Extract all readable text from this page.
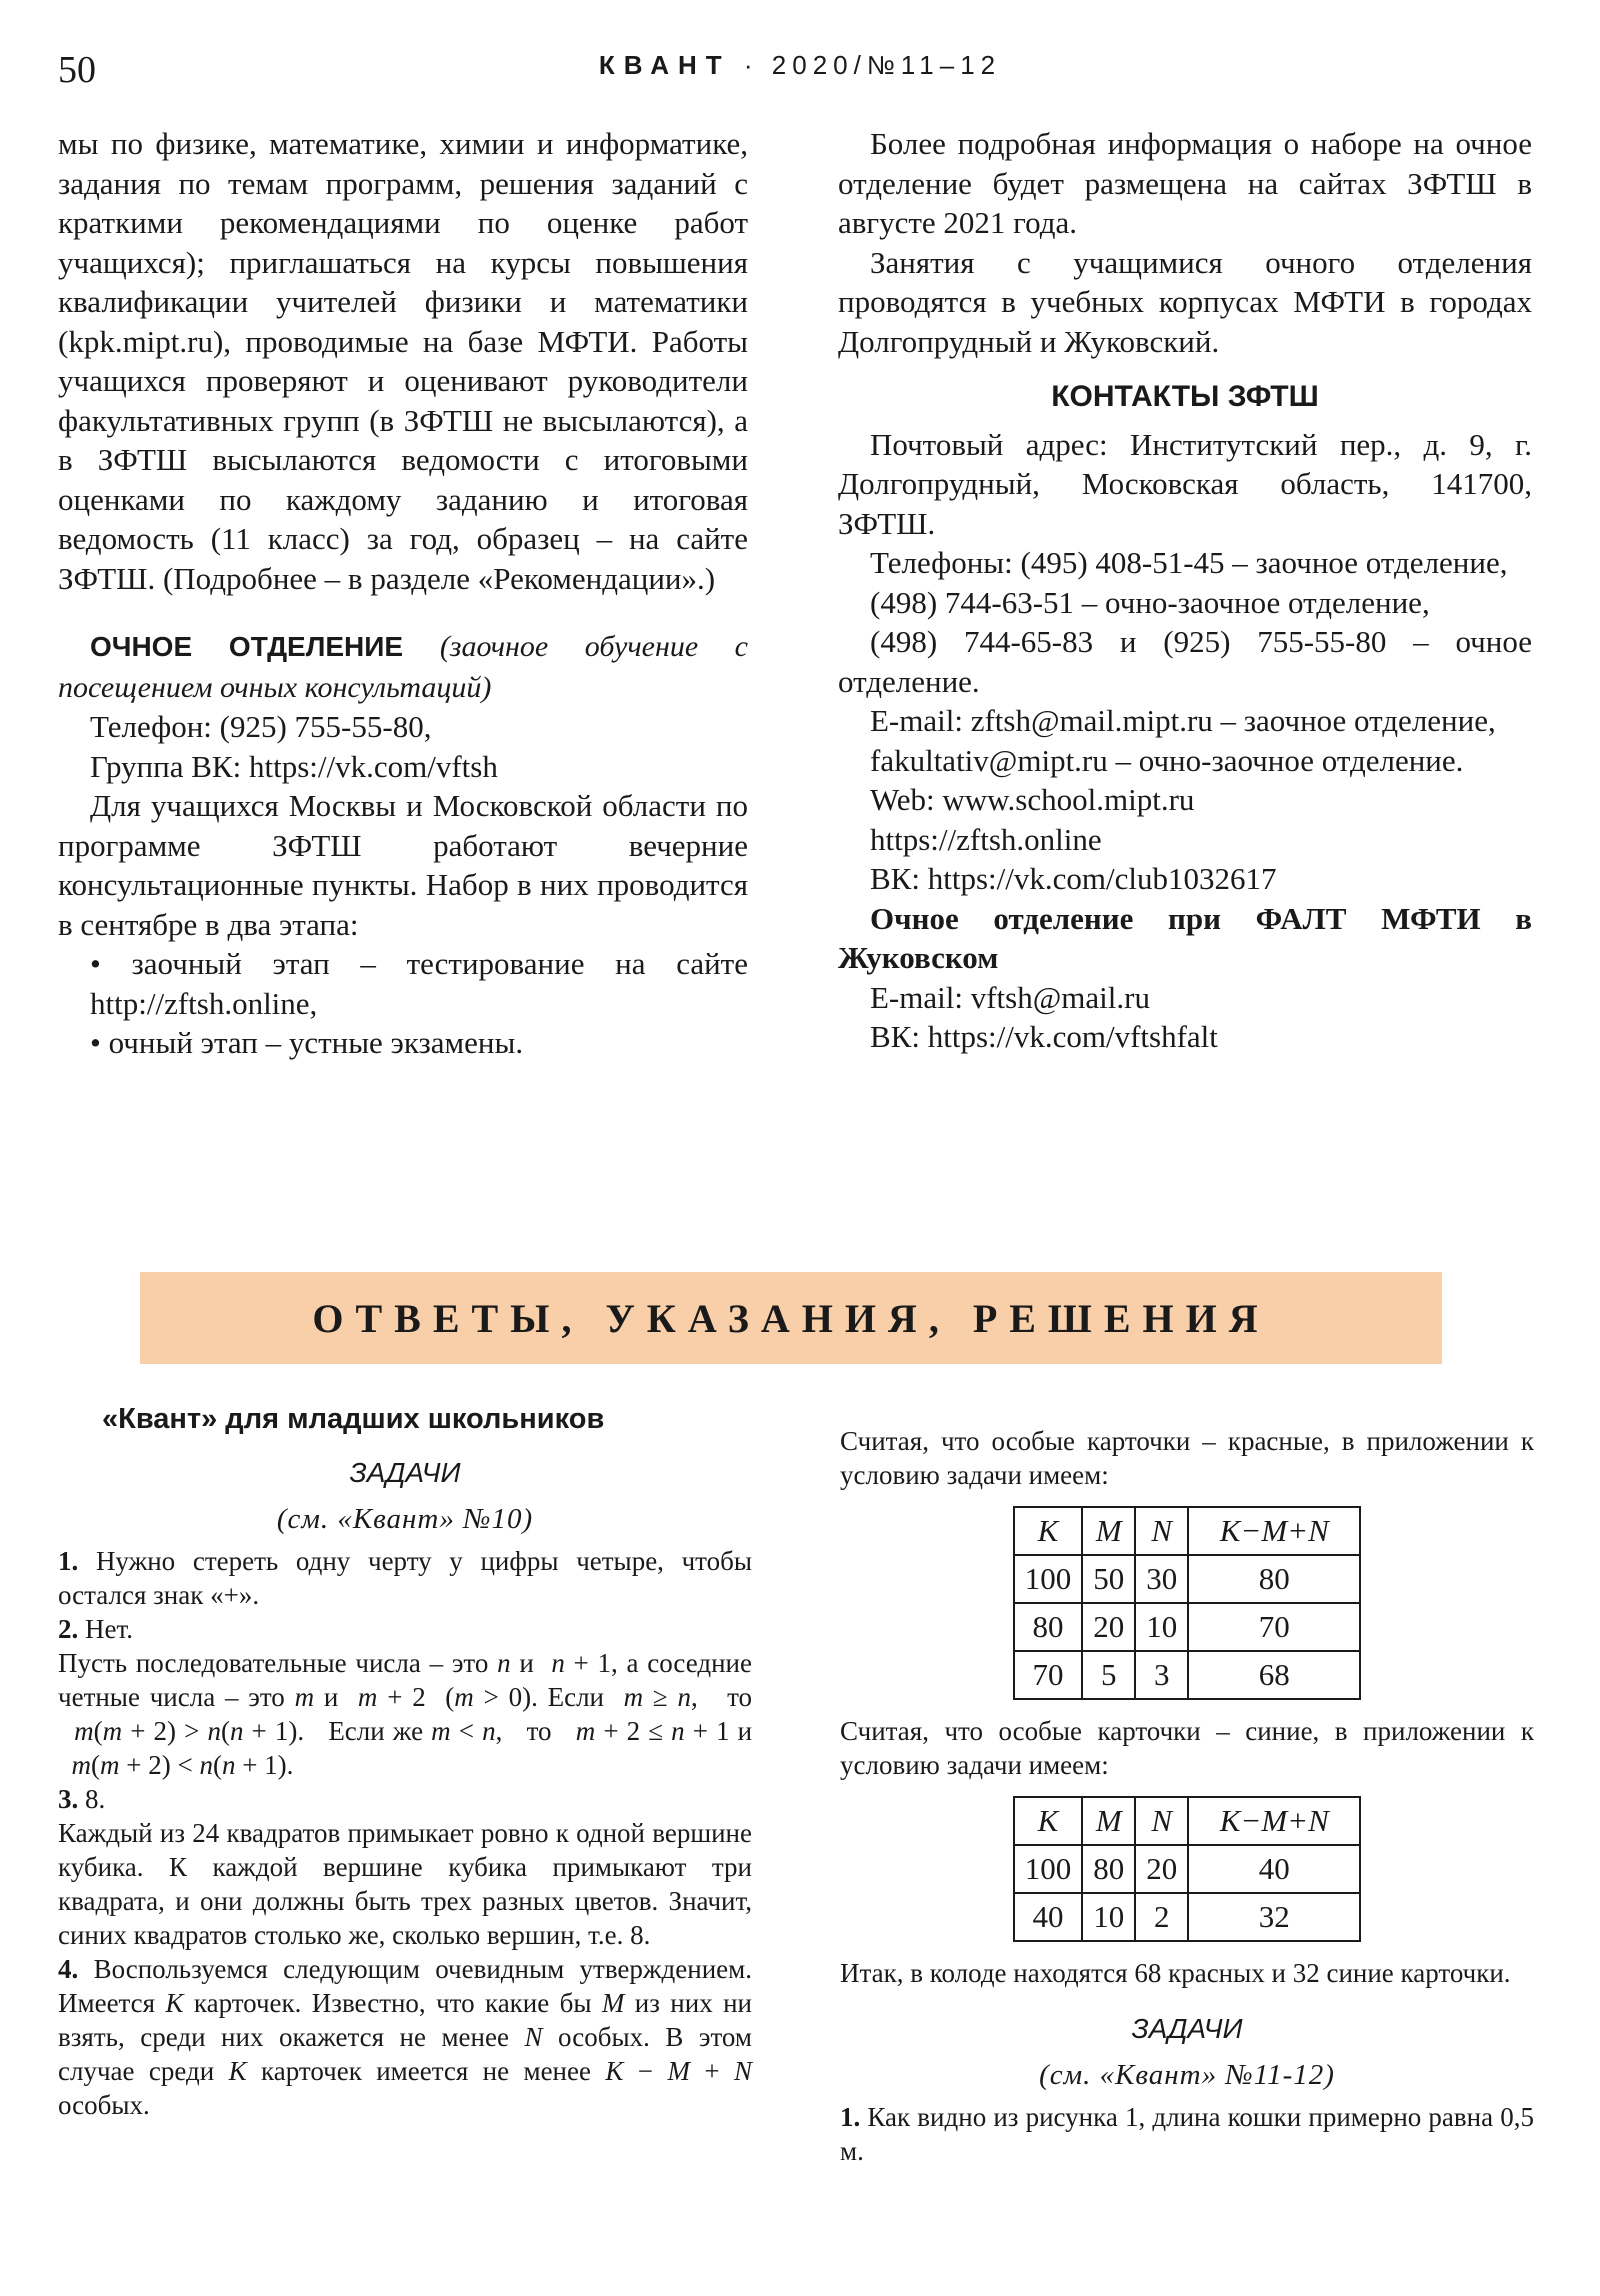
50	КВАНТ · 2020/№11–12

мы по физике, математике, химии и информатике, задания по темам программ, решения заданий с краткими рекомендациями по оценке работ учащихся); приглашаться на курсы повышения квалификации учителей физики и математики (kpk.mipt.ru), проводимые на базе МФТИ. Работы учащихся проверяют и оценивают руководители факультативных групп (в ЗФТШ не высылаются), а в ЗФТШ высылаются ведомости с итоговыми оценками по каждому заданию и итоговая ведомость (11 класс) за год, образец – на сайте ЗФТШ. (Подробнее – в разделе «Рекомендации».)

ОЧНОЕ ОТДЕЛЕНИЕ (заочное обучение с посещением очных консультаций)

Телефон: (925) 755-55-80,

Группа ВК: https://vk.com/vftsh

Для учащихся Москвы и Московской области по программе ЗФТШ работают вечерние консультационные пункты. Набор в них проводится в сентябре в два этапа:

• заочный этап – тестирование на сайте http://zftsh.online,

• очный этап – устные экзамены.

Более подробная информация о наборе на очное отделение будет размещена на сайтах ЗФТШ в августе 2021 года.

Занятия с учащимися очного отделения проводятся в учебных корпусах МФТИ в городах Долгопрудный и Жуковский.

КОНТАКТЫ ЗФТШ

Почтовый адрес: Институтский пер., д. 9, г. Долгопрудный, Московская область, 141700, ЗФТШ.

Телефоны: (495) 408-51-45 – заочное отделение,

(498) 744-63-51 – очно-заочное отделение,

(498) 744-65-83 и (925) 755-55-80 – очное отделение.

E-mail: zftsh@mail.mipt.ru – заочное отделение,

fakultativ@mipt.ru – очно-заочное отделение.

Web: www.school.mipt.ru

https://zftsh.online

ВК: https://vk.com/club1032617

Очное отделение при ФАЛТ МФТИ в Жуковском

E-mail: vftsh@mail.ru

ВК: https://vk.com/vftshfalt

ОТВЕТЫ, УКАЗАНИЯ, РЕШЕНИЯ
«Квант» для младших школьников
ЗАДАЧИ
(см. «Квант» №10)

1. Нужно стереть одну черту у цифры четыре, чтобы остался знак «+».

2. Нет.

Пусть последовательные числа – это n и n + 1, а соседние четные числа – это m и m + 2  (m > 0). Если m ≥ n,   то   m(m + 2) > n(n + 1).   Если же m < n,   то m + 2 ≤ n + 1 и   m(m + 2) < n(n + 1).

3. 8.

Каждый из 24 квадратов примыкает ровно к одной вершине кубика. К каждой вершине кубика примыкают три квадрата, и они должны быть трех разных цветов. Значит, синих квадратов столько же, сколько вершин, т.е. 8.

4. Воспользуемся следующим очевидным утверждением. Имеется K карточек. Известно, что какие бы M из них ни взять, среди них окажется не менее N особых. В этом случае среди K карточек имеется не менее K − M + N особых.

Считая, что особые карточки – красные, в приложении к условию задачи имеем:

K	M	N	K−M+N
100	50	30	80
80	20	10	70
70	5	3	68

Считая, что особые карточки – синие, в приложении к условию задачи имеем:

K	M	N	K−M+N
100	80	20	40
40	10	2	32

Итак, в колоде находятся 68 красных и 32 синие карточки.

ЗАДАЧИ
(см. «Квант» №11-12)

1. Как видно из рисунка 1, длина кошки примерно равна 0,5 м.
